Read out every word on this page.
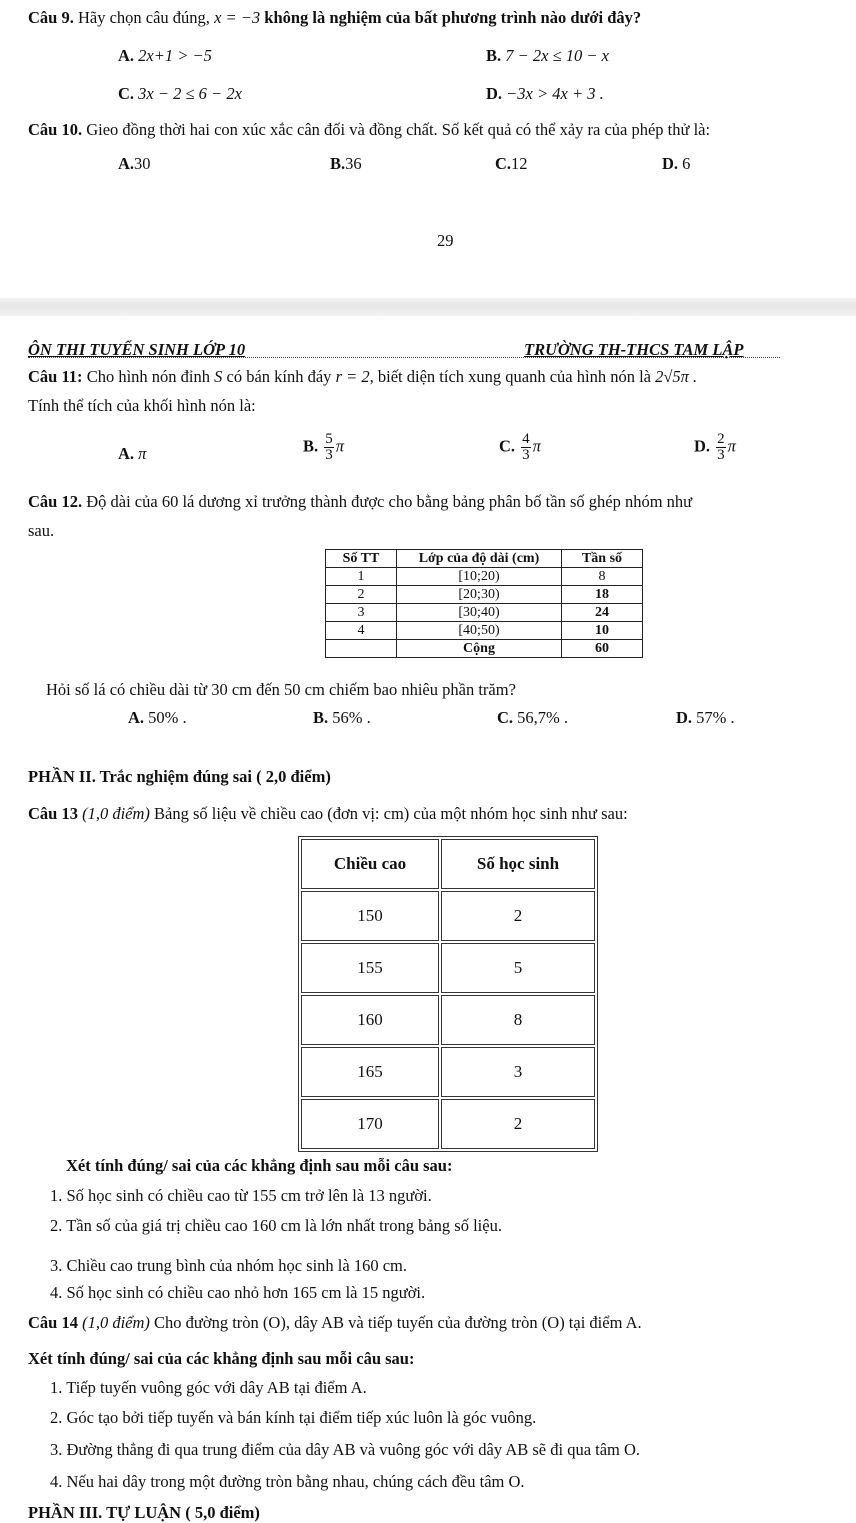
Câu 9. Hãy chọn câu đúng, x = −3 không là nghiệm của bất phương trình nào dưới đây?
A. 2x+1 > −5	B. 7 − 2x ≤ 10 − x
C. 3x − 2 ≤ 6 − 2x	D. −3x > 4x + 3 .
Câu 10. Gieo đồng thời hai con xúc xắc cân đối và đồng chất. Số kết quả có thể xảy ra của phép thử là:
A.30	B.36	C.12	D. 6
29
ÔN THI TUYỂN SINH LỚP 10	TRƯỜNG TH-THCS TAM LẬP
Câu 11: Cho hình nón đỉnh S có bán kính đáy r = 2, biết diện tích xung quanh của hình nón là 2√5π .
Tính thể tích của khối hình nón là:
A. π	B. $\frac{5}{3}$ π	C. $\frac{4}{3}$ π	D. $\frac{2}{3}$ π
Câu 12. Độ dài của 60 lá dương xỉ trưởng thành được cho bằng bảng phân bố tần số ghép nhóm như
sau.
Số TT	Lớp của độ dài (cm)	Tần số
1	[10;20)	8
2	[20;30)	18
3	[30;40)	24
4	[40;50)	10
	Cộng	60
Hỏi số lá có chiều dài từ 30 cm đến 50 cm chiếm bao nhiêu phần trăm?
A. 50% .	B. 56% .	C. 56,7% .	D. 57% .
PHẦN II. Trắc nghiệm đúng sai ( 2,0 điểm)
Câu 13 (1,0 điểm) Bảng số liệu về chiều cao (đơn vị: cm) của một nhóm học sinh như sau:
Chiều cao	Số học sinh
150	2
155	5
160	8
165	3
170	2
Xét tính đúng/ sai của các khẳng định sau mỗi câu sau:
1. Số học sinh có chiều cao từ 155 cm trở lên là 13 người.
2. Tần số của giá trị chiều cao 160 cm là lớn nhất trong bảng số liệu.
3. Chiều cao trung bình của nhóm học sinh là 160 cm.
4. Số học sinh có chiều cao nhỏ hơn 165 cm là 15 người.
Câu 14 (1,0 điểm) Cho đường tròn (O), dây AB và tiếp tuyến của đường tròn (O) tại điểm A.
Xét tính đúng/ sai của các khẳng định sau mỗi câu sau:
1. Tiếp tuyến vuông góc với dây AB tại điểm A.
2. Góc tạo bởi tiếp tuyến và bán kính tại điểm tiếp xúc luôn là góc vuông.
3. Đường thẳng đi qua trung điểm của dây AB và vuông góc với dây AB sẽ đi qua tâm O.
4. Nếu hai dây trong một đường tròn bằng nhau, chúng cách đều tâm O.
PHẦN III. TỰ LUẬN ( 5,0 điểm)
